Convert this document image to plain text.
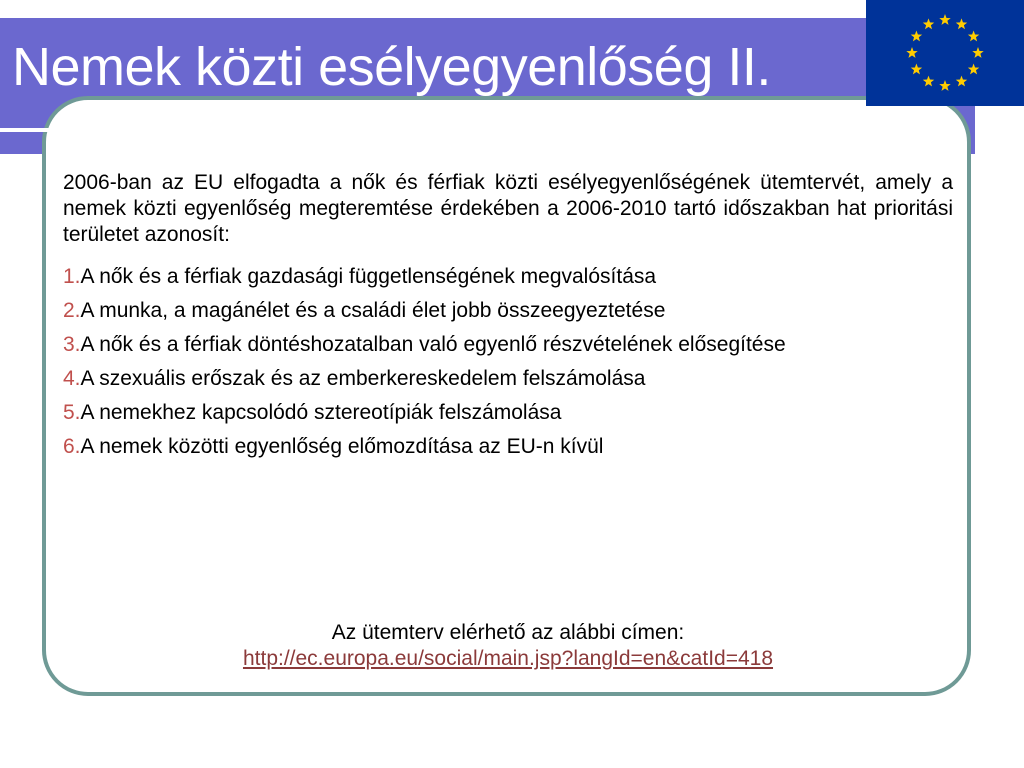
Nemek közti esélyegyenlőség II.

2006-ban az EU elfogadta a nők és férfiak közti esélyegyenlőségének ütemtervét, amely a nemek közti egyenlőség megteremtése érdekében a 2006-2010 tartó időszakban hat prioritási területet azonosít:

1.A nők és a férfiak gazdasági függetlenségének megvalósítása
2.A munka, a magánélet és a családi élet jobb összeegyeztetése
3.A nők és a férfiak döntéshozatalban való egyenlő részvételének elősegítése
4.A szexuális erőszak és az emberkereskedelem felszámolása
5.A nemekhez kapcsolódó sztereotípiák felszámolása
6.A nemek közötti egyenlőség előmozdítása az EU-n kívül
Az ütemterv elérhető az alábbi címen:
http://ec.europa.eu/social/main.jsp?langId=en&catId=418
